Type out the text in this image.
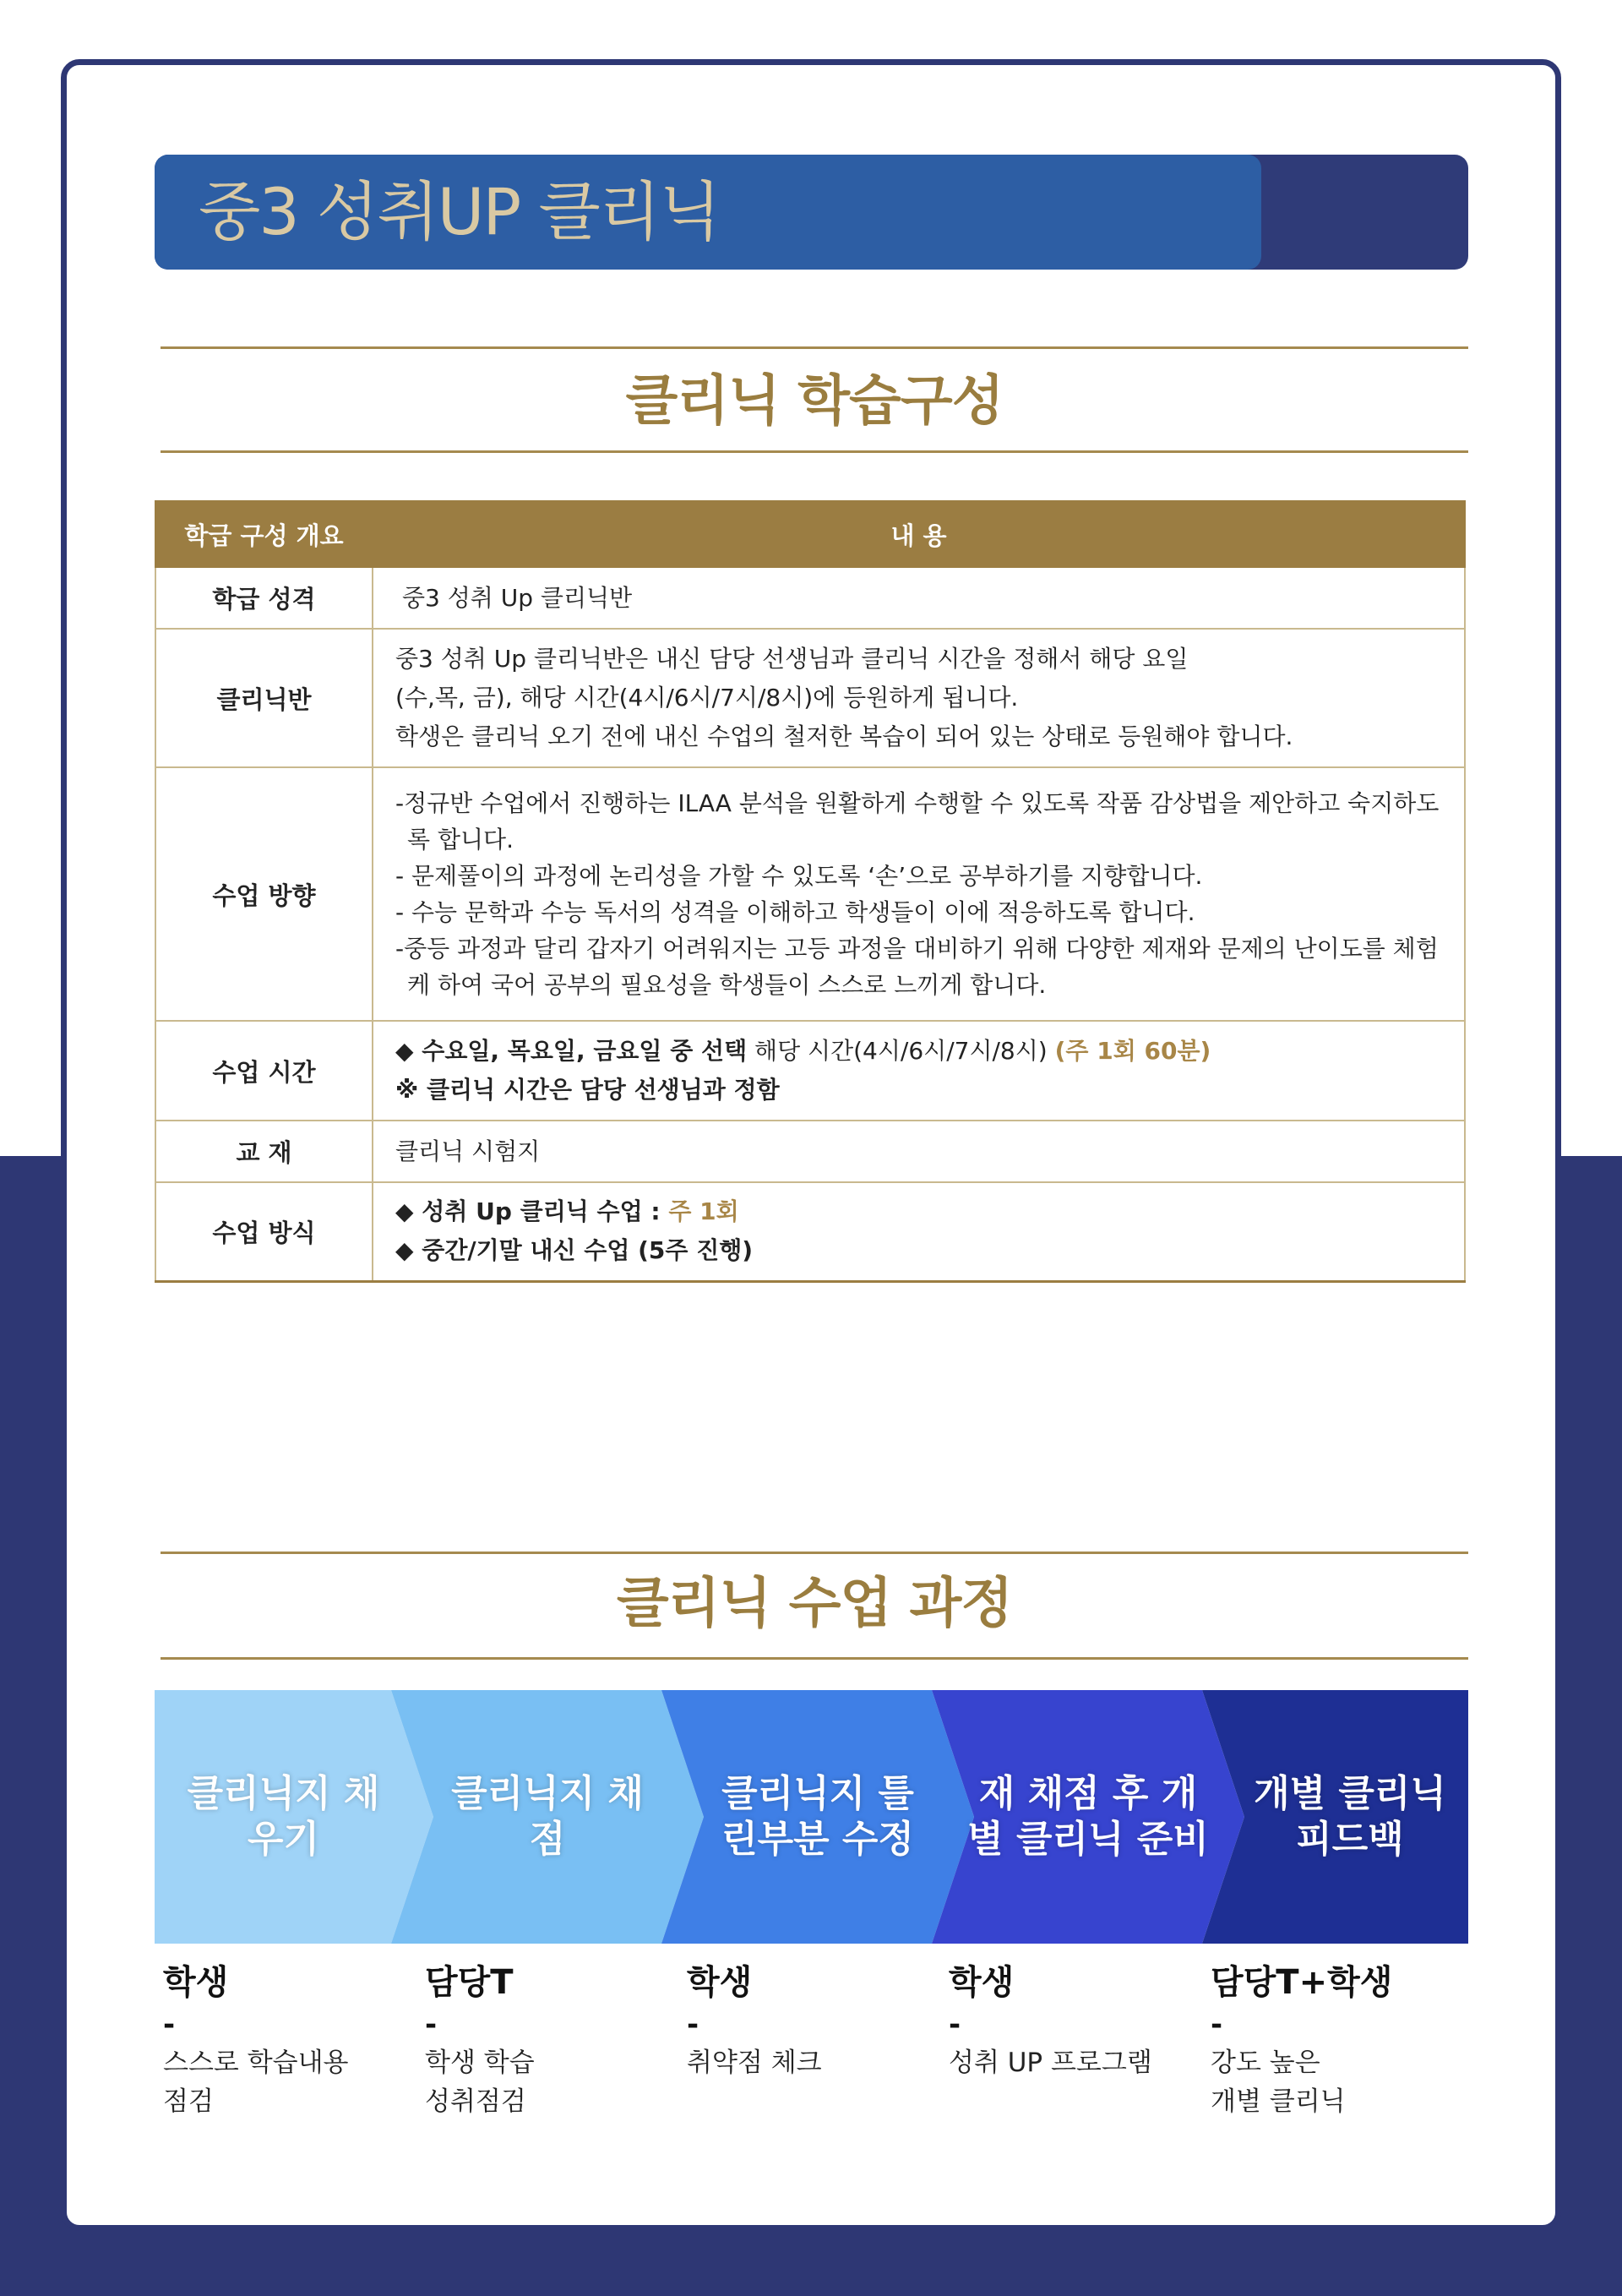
중3 성취UP 클리닉
클리닉 학습구성
학급 구성 개요	내 용
학급 성격	중3 성취 Up 클리닉반
클리닉반	중3 성취 Up 클리닉반은 내신 담당 선생님과 클리닉 시간을 정해서 해당 요일
(수,목, 금), 해당 시간(4시/6시/7시/8시)에 등원하게 됩니다.
학생은 클리닉 오기 전에 내신 수업의 철저한 복습이 되어 있는 상태로 등원해야 합니다.

수업 방향	-정규반 수업에서 진행하는 ILAA 분석을 원활하게 수행할 수 있도록 작품 감상법을 제안하고 숙지하도록 합니다.
- 문제풀이의 과정에 논리성을 가할 수 있도록 ‘손’으로 공부하기를 지향합니다.
- 수능 문학과 수능 독서의 성격을 이해하고 학생들이 이에 적응하도록 합니다.
-중등 과정과 달리 갑자기 어려워지는 고등 과정을 대비하기 위해 다양한 제재와 문제의 난이도를 체험케 하여 국어 공부의 필요성을 학생들이 스스로 느끼게 합니다.

수업 시간	◆ 수요일, 목요일, 금요일 중 선택 해당 시간(4시/6시/7시/8시) (주 1회 60분)
※ 클리닉 시간은 담당 선생님과 정함

교 재	클리닉 시험지
수업 방식	◆ 성취 Up 클리닉 수업 : 주 1회
◆ 중간/기말 내신 수업 (5주 진행)
클리닉 수업 과정
클리닉지 채우기
클리닉지 채점
클리닉지 틀린부분 수정
재 채점 후 개별 클리닉 준비
개별 클리닉 피드백
학생
-
스스로 학습내용
점검
담당T
-
학생 학습
성취점검
학생
-
취약점 체크
학생
-
성취 UP 프로그램
담당T+학생
-
강도 높은
개별 클리닉
